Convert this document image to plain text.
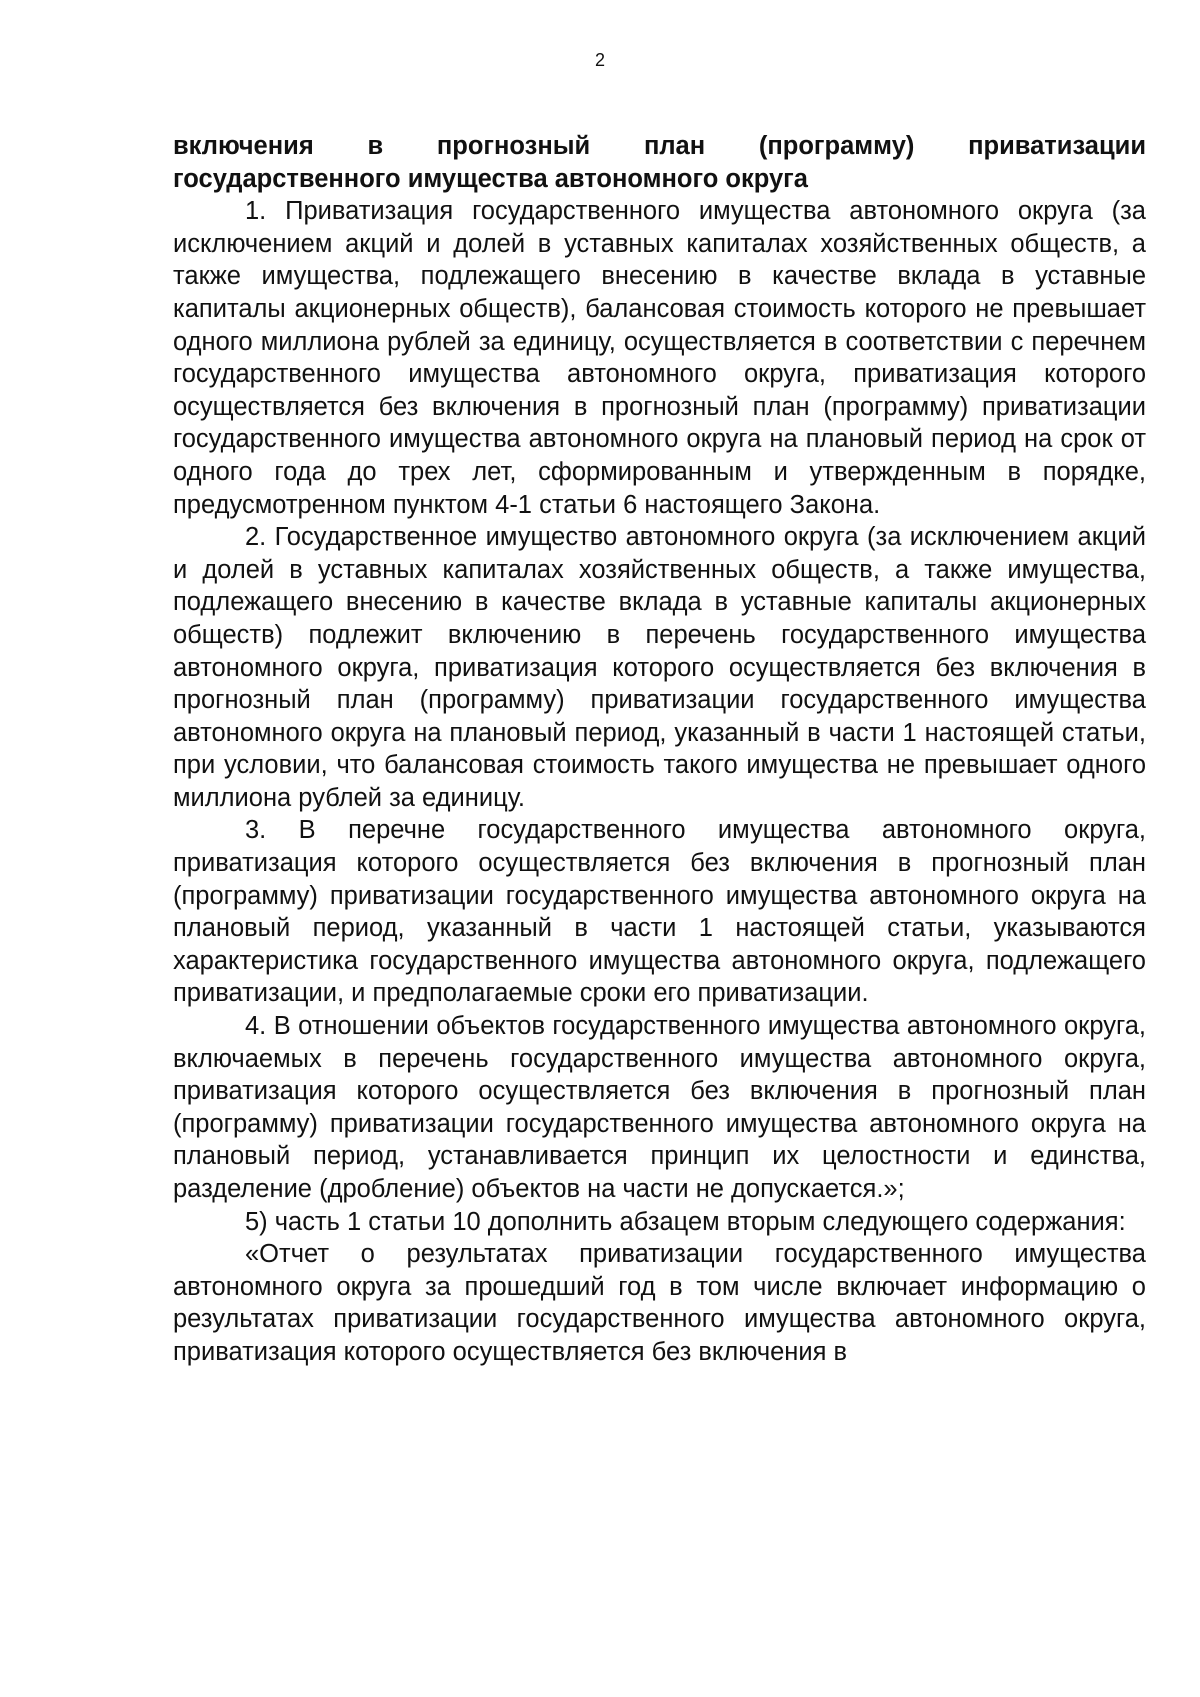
2

включения в прогнозный план (программу) приватизации государственного имущества автономного округа

1. Приватизация государственного имущества автономного округа (за исключением акций и долей в уставных капиталах хозяйственных обществ, а также имущества, подлежащего внесению в качестве вклада в уставные капиталы акционерных обществ), балансовая стоимость которого не превышает одного миллиона рублей за единицу, осуществляется в соответствии с перечнем государственного имущества автономного округа, приватизация которого осуществляется без включения в прогнозный план (программу) приватизации государственного имущества автономного округа на плановый период на срок от одного года до трех лет, сформированным и утвержденным в порядке, предусмотренном пунктом 4-1 статьи 6 настоящего Закона.

2. Государственное имущество автономного округа (за исключением акций и долей в уставных капиталах хозяйственных обществ, а также имущества, подлежащего внесению в качестве вклада в уставные капиталы акционерных обществ) подлежит включению в перечень государственного имущества автономного округа, приватизация которого осуществляется без включения в прогнозный план (программу) приватизации государственного имущества автономного округа на плановый период, указанный в части 1 настоящей статьи, при условии, что балансовая стоимость такого имущества не превышает одного миллиона рублей за единицу.

3. В перечне государственного имущества автономного округа, приватизация которого осуществляется без включения в прогнозный план (программу) приватизации государственного имущества автономного округа на плановый период, указанный в части 1 настоящей статьи, указываются характеристика государственного имущества автономного округа, подлежащего приватизации, и предполагаемые сроки его приватизации.

4. В отношении объектов государственного имущества автономного округа, включаемых в перечень государственного имущества автономного округа, приватизация которого осуществляется без включения в прогнозный план (программу) приватизации государственного имущества автономного округа на плановый период, устанавливается принцип их целостности и единства, разделение (дробление) объектов на части не допускается.»;

5) часть 1 статьи 10 дополнить абзацем вторым следующего содержания:

«Отчет о результатах приватизации государственного имущества автономного округа за прошедший год в том числе включает информацию о результатах приватизации государственного имущества автономного округа, приватизация которого осуществляется без включения в
